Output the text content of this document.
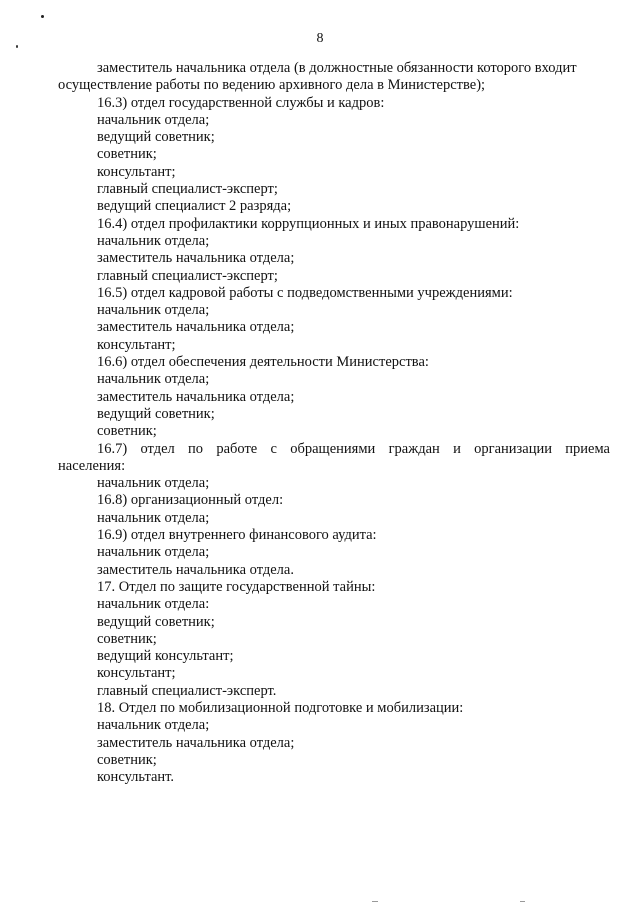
8
заместитель начальника отдела (в должностные обязанности которого входит
осуществление работы по ведению архивного дела в Министерстве);
16.3) отдел государственной службы и кадров:
начальник отдела;
ведущий советник;
советник;
консультант;
главный специалист-эксперт;
ведущий специалист 2 разряда;
16.4) отдел профилактики коррупционных и иных правонарушений:
начальник отдела;
заместитель начальника отдела;
главный специалист-эксперт;
16.5) отдел кадровой работы с подведомственными учреждениями:
начальник отдела;
заместитель начальника отдела;
консультант;
16.6) отдел обеспечения деятельности Министерства:
начальник отдела;
заместитель начальника отдела;
ведущий советник;
советник;
16.7) отдел по работе с обращениями граждан и организации приема
населения:
начальник отдела;
16.8) организационный отдел:
начальник отдела;
16.9) отдел внутреннего финансового аудита:
начальник отдела;
заместитель начальника отдела.
17. Отдел по защите государственной тайны:
начальник отдела:
ведущий советник;
советник;
ведущий консультант;
консультант;
главный специалист-эксперт.
18. Отдел по мобилизационной подготовке и мобилизации:
начальник отдела;
заместитель начальника отдела;
советник;
консультант.
